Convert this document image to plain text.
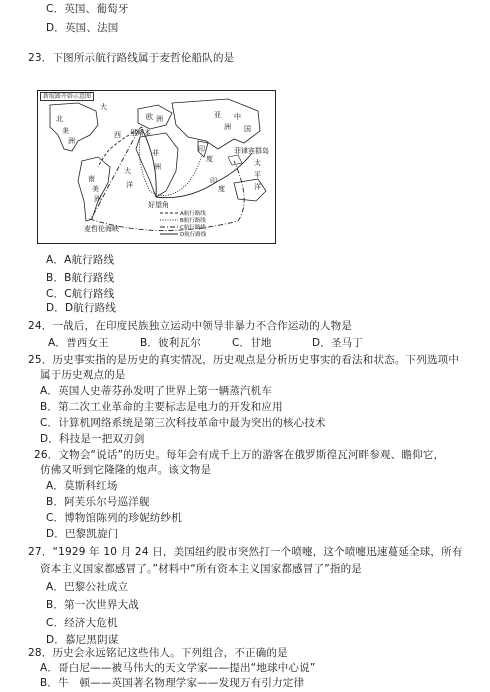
C．英国、葡萄牙
D．英国、法国
23．下图所示航行路线属于麦哲伦船队的是
北
美
洲
大
西
欧 洲
里斯本
非
洲
亚
洲
中
国
印
度
菲律宾群岛
太
平
南
美
洲
麦哲伦海峡
好望角
大
洋	印
度	洋
A航行路线
B航行路线
C航行路线
D航行路线
新航路开辟示意图
A．A航行路线
B．B航行路线
C．C航行路线
D．D航行路线
24．一战后，在印度民族独立运动中领导非暴力不合作运动的人物是
A．普西女王	B．彼利瓦尔	C．甘地	D．圣马丁
25．历史事实指的是历史的真实情况，历史观点是分析历史事实的看法和状态。下列选项中
属于历史观点的是
A．英国人史蒂芬孙发明了世界上第一辆蒸汽机车
B．第二次工业革命的主要标志是电力的开发和应用
C．计算机网络系统是第三次科技革命中最为突出的核心技术
D．科技是一把双刃剑
26．文物会“说话”的历史。每年会有成千上万的游客在俄罗斯徨瓦河畔参观、瞻仰它，
仿佛又听到它隆隆的炮声。该文物是
A．莫斯科红场
B．阿芙乐尔号巡洋舰
C．博物馆陈列的珍妮纺纱机
D．巴黎凯旋门
27．“1929 年 10 月 24 日，美国纽约股市突然打一个喷嚏，这个喷嚏迅速蔓延全球，所有
资本主义国家都感冒了。”材料中“所有资本主义国家都感冒了”指的是
A．巴黎公社成立
B．第一次世界大战
C．经济大危机
D．慕尼黑阴谋
28．历史会永远铭记这些伟人。下列组合，不正确的是
A．哥白尼——被马伟大的天文学家——提出“地球中心说”
B．牛　顿——英国著名物理学家——发现万有引力定律
